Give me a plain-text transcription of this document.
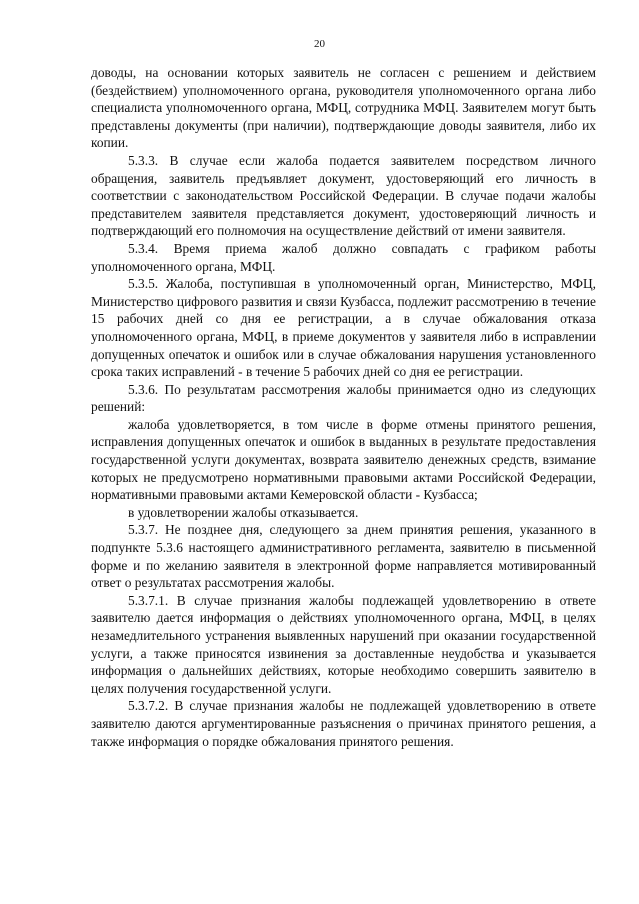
20

доводы, на основании которых заявитель не согласен с решением и действием (бездействием) уполномоченного органа, руководителя уполномоченного органа либо специалиста уполномоченного органа, МФЦ, сотрудника МФЦ. Заявителем могут быть представлены документы (при наличии), подтверждающие доводы заявителя, либо их копии.

5.3.3. В случае если жалоба подается заявителем посредством личного обращения, заявитель предъявляет документ, удостоверяющий его личность в соответствии с законодательством Российской Федерации. В случае подачи жалобы представителем заявителя представляется документ, удостоверяющий личность и подтверждающий его полномочия на осуществление действий от имени заявителя.

5.3.4. Время приема жалоб должно совпадать с графиком работы уполномоченного органа, МФЦ.

5.3.5. Жалоба, поступившая в уполномоченный орган, Министерство, МФЦ, Министерство цифрового развития и связи Кузбасса, подлежит рассмотрению в течение 15 рабочих дней со дня ее регистрации, а в случае обжалования отказа уполномоченного органа, МФЦ, в приеме документов у заявителя либо в исправлении допущенных опечаток и ошибок или в случае обжалования нарушения установленного срока таких исправлений - в течение 5 рабочих дней со дня ее регистрации.

5.3.6. По результатам рассмотрения жалобы принимается одно из следующих решений:

жалоба удовлетворяется, в том числе в форме отмены принятого решения, исправления допущенных опечаток и ошибок в выданных в результате предоставления государственной услуги документах, возврата заявителю денежных средств, взимание которых не предусмотрено нормативными правовыми актами Российской Федерации, нормативными правовыми актами Кемеровской области - Кузбасса;

в удовлетворении жалобы отказывается.

5.3.7. Не позднее дня, следующего за днем принятия решения, указанного в подпункте 5.3.6 настоящего административного регламента, заявителю в письменной форме и по желанию заявителя в электронной форме направляется мотивированный ответ о результатах рассмотрения жалобы.

5.3.7.1. В случае признания жалобы подлежащей удовлетворению в ответе заявителю дается информация о действиях уполномоченного органа, МФЦ, в целях незамедлительного устранения выявленных нарушений при оказании государственной услуги, а также приносятся извинения за доставленные неудобства и указывается информация о дальнейших действиях, которые необходимо совершить заявителю в целях получения государственной услуги.

5.3.7.2. В случае признания жалобы не подлежащей удовлетворению в ответе заявителю даются аргументированные разъяснения о причинах принятого решения, а также информация о порядке обжалования принятого решения.
